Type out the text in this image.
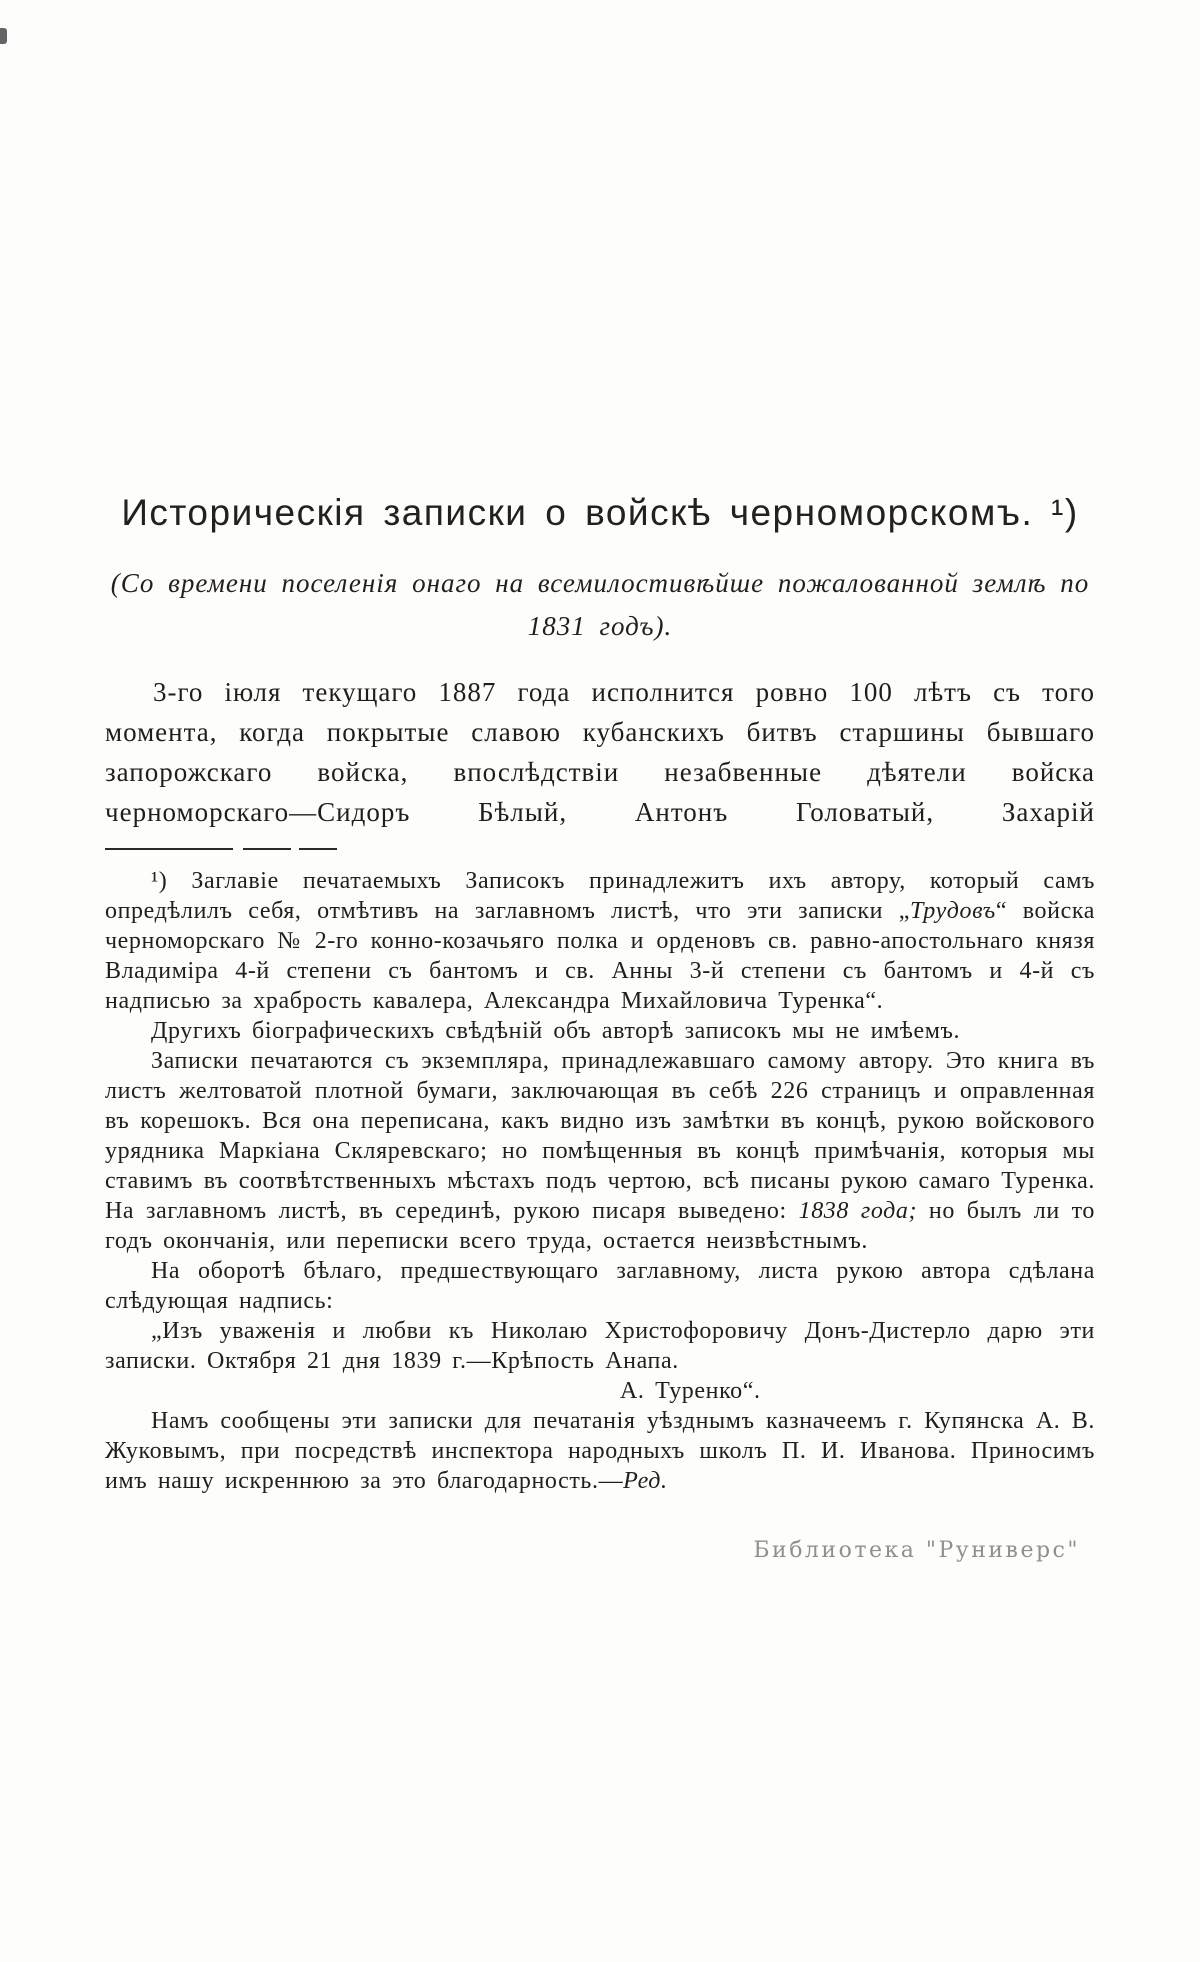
Историческія записки о войскѣ черноморскомъ. ¹)

(Со времени поселенія онаго на всемилостивѣйше пожалованной землѣ по 1831 годъ).

3-го іюля текущаго 1887 года исполнится ровно 100 лѣтъ съ того момента, когда покрытые славою кубанскихъ битвъ старшины бывшаго запорожскаго войска, впослѣдствіи незабвенные дѣятели войска черноморскаго—Сидоръ Бѣлый, Антонъ Головатый, Захарій

¹) Заглавіе печатаемыхъ Записокъ принадлежитъ ихъ автору, который самъ опредѣлилъ себя, отмѣтивъ на заглавномъ листѣ, что эти записки „Трудовъ“ войска черноморскаго № 2-го конно-козачьяго полка и орденовъ св. равно-апостольнаго князя Владиміра 4-й степени съ бантомъ и св. Анны 3-й степени съ бантомъ и 4-й съ надписью за храбрость кавалера, Александра Михайловича Туренка“.

Другихъ біографическихъ свѣдѣній объ авторѣ записокъ мы не имѣемъ.

Записки печатаются съ экземпляра, принадлежавшаго самому автору. Это книга въ листъ желтоватой плотной бумаги, заключающая въ себѣ 226 страницъ и оправленная въ корешокъ. Вся она переписана, какъ видно изъ замѣтки въ концѣ, рукою войскового урядника Маркіана Скляревскаго; но помѣщенныя въ концѣ примѣчанія, которыя мы ставимъ въ соотвѣтственныхъ мѣстахъ подъ чертою, всѣ писаны рукою самаго Туренка. На заглавномъ листѣ, въ серединѣ, рукою писаря выведено: 1838 года; но былъ ли то годъ окончанія, или переписки всего труда, остается неизвѣстнымъ.

На оборотѣ бѣлаго, предшествующаго заглавному, листа рукою автора сдѣлана слѣдующая надпись:

„Изъ уваженія и любви къ Николаю Христофоровичу Донъ-Дистерло дарю эти записки. Октября 21 дня 1839 г.—Крѣпость Анапа.

А. Туренко“.

Намъ сообщены эти записки для печатанія уѣзднымъ казначеемъ г. Купянска А. В. Жуковымъ, при посредствѣ инспектора народныхъ школъ П. И. Иванова. Приносимъ имъ нашу искреннюю за это благодарность.—Ред.

Библиотека "Руниверс"
